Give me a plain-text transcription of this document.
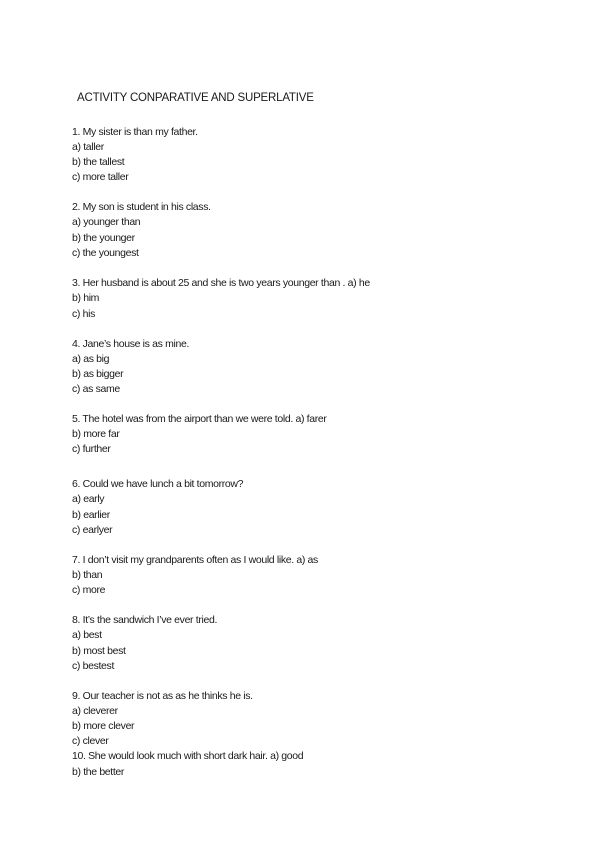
ACTIVITY CONPARATIVE AND SUPERLATIVE
1. My sister is than my father.
a) taller
b) the tallest
c) more taller
2. My son is student in his class.
a) younger than
b) the younger
c) the youngest
3. Her husband is about 25 and she is two years younger than . a) he
b) him
c) his
4. Jane’s house is as mine.
a) as big
b) as bigger
c) as same
5. The hotel was from the airport than we were told. a) farer
b) more far
c) further
6. Could we have lunch a bit tomorrow?
a) early
b) earlier
c) earlyer
7. I don’t visit my grandparents often as I would like. a) as
b) than
c) more
8. It’s the sandwich I’ve ever tried.
a) best
b) most best
c) bestest
9. Our teacher is not as as he thinks he is.
a) cleverer
b) more clever
c) clever
10. She would look much with short dark hair. a) good
b) the better
